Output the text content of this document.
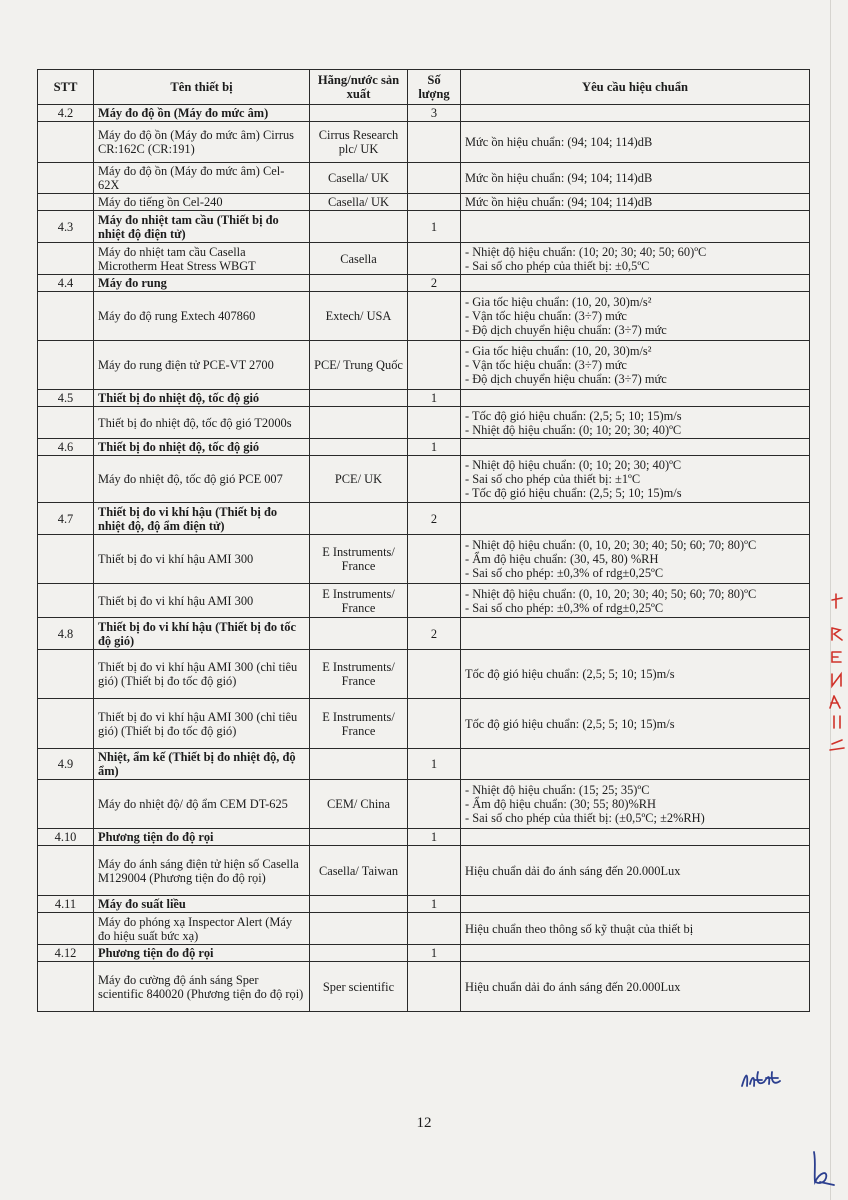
STT	Tên thiết bị	Hãng/nước sản xuất	Số lượng	Yêu cầu hiệu chuẩn
4.2	Máy đo độ ồn (Máy đo mức âm)		3	
	Máy đo độ ồn (Máy đo mức âm) Cirrus CR:162C (CR:191)	Cirrus Research plc/ UK		Mức ồn hiệu chuẩn: (94; 104; 114)dB

	Máy đo độ ồn (Máy đo mức âm) Cel-62X	Casella/ UK		Mức ồn hiệu chuẩn: (94; 104; 114)dB

	Máy đo tiếng ồn Cel-240	Casella/ UK		Mức ồn hiệu chuẩn: (94; 104; 114)dB

4.3	Máy đo nhiệt tam cầu (Thiết bị đo nhiệt độ điện tử)		1	
	Máy đo nhiệt tam cầu Casella Microtherm Heat Stress WBGT	Casella		- Nhiệt độ hiệu chuẩn: (10; 20; 30; 40; 50; 60)ºC
- Sai số cho phép của thiết bị: ±0,5ºC

4.4	Máy đo rung		2	
	Máy đo độ rung Extech 407860	Extech/ USA		- Gia tốc hiệu chuẩn: (10, 20, 30)m/s²
- Vận tốc hiệu chuẩn: (3÷7) mức
- Độ dịch chuyển hiệu chuẩn: (3÷7) mức

	Máy đo rung điện tử PCE-VT 2700	PCE/ Trung Quốc		- Gia tốc hiệu chuẩn: (10, 20, 30)m/s²
- Vận tốc hiệu chuẩn: (3÷7) mức
- Độ dịch chuyển hiệu chuẩn: (3÷7) mức

4.5	Thiết bị đo nhiệt độ, tốc độ gió		1	
	Thiết bị đo nhiệt độ, tốc độ gió T2000s			- Tốc độ gió hiệu chuẩn: (2,5; 5; 10; 15)m/s
- Nhiệt độ hiệu chuẩn: (0; 10; 20; 30; 40)ºC

4.6	Thiết bị đo nhiệt độ, tốc độ gió		1	
	Máy đo nhiệt độ, tốc độ gió PCE 007	PCE/ UK		- Nhiệt độ hiệu chuẩn: (0; 10; 20; 30; 40)ºC
- Sai số cho phép của thiết bị: ±1ºC
- Tốc độ gió hiệu chuẩn: (2,5; 5; 10; 15)m/s

4.7	Thiết bị đo vi khí hậu (Thiết bị đo nhiệt độ, độ ẩm điện tử)		2	
	Thiết bị đo vi khí hậu AMI 300	E Instruments/ France		- Nhiệt độ hiệu chuẩn: (0, 10, 20; 30; 40; 50; 60; 70; 80)ºC
- Ẩm độ hiệu chuẩn: (30, 45, 80) %RH
- Sai số cho phép: ±0,3% of rdg±0,25ºC

	Thiết bị đo vi khí hậu AMI 300	E Instruments/ France		- Nhiệt độ hiệu chuẩn: (0, 10, 20; 30; 40; 50; 60; 70; 80)ºC
- Sai số cho phép: ±0,3% of rdg±0,25ºC

4.8	Thiết bị đo vi khí hậu (Thiết bị đo tốc độ gió)		2	
	Thiết bị đo vi khí hậu AMI 300 (chỉ tiêu gió) (Thiết bị đo tốc độ gió)	E Instruments/ France		Tốc độ gió hiệu chuẩn: (2,5; 5; 10; 15)m/s

	Thiết bị đo vi khí hậu AMI 300 (chỉ tiêu gió) (Thiết bị đo tốc độ gió)	E Instruments/ France		Tốc độ gió hiệu chuẩn: (2,5; 5; 10; 15)m/s

4.9	Nhiệt, ẩm kế (Thiết bị đo nhiệt độ, độ ẩm)		1	
	Máy đo nhiệt độ/ độ ẩm CEM DT-625	CEM/ China		- Nhiệt độ hiệu chuẩn: (15; 25; 35)ºC
- Ẩm độ hiệu chuẩn: (30; 55; 80)%RH
- Sai số cho phép của thiết bị: (±0,5ºC; ±2%RH)

4.10	Phương tiện đo độ rọi		1	
	Máy đo ánh sáng điện tử hiện số Casella M129004 (Phương tiện đo độ rọi)	Casella/ Taiwan		Hiệu chuẩn dải đo ánh sáng đến 20.000Lux

4.11	Máy đo suất liều		1	
	Máy đo phóng xạ Inspector Alert (Máy đo hiệu suất bức xạ)			Hiệu chuẩn theo thông số kỹ thuật của thiết bị

4.12	Phương tiện đo độ rọi		1	
	Máy đo cường độ ánh sáng Sper scientific 840020 (Phương tiện đo độ rọi)	Sper scientific		Hiệu chuẩn dải đo ánh sáng đến 20.000Lux
12
